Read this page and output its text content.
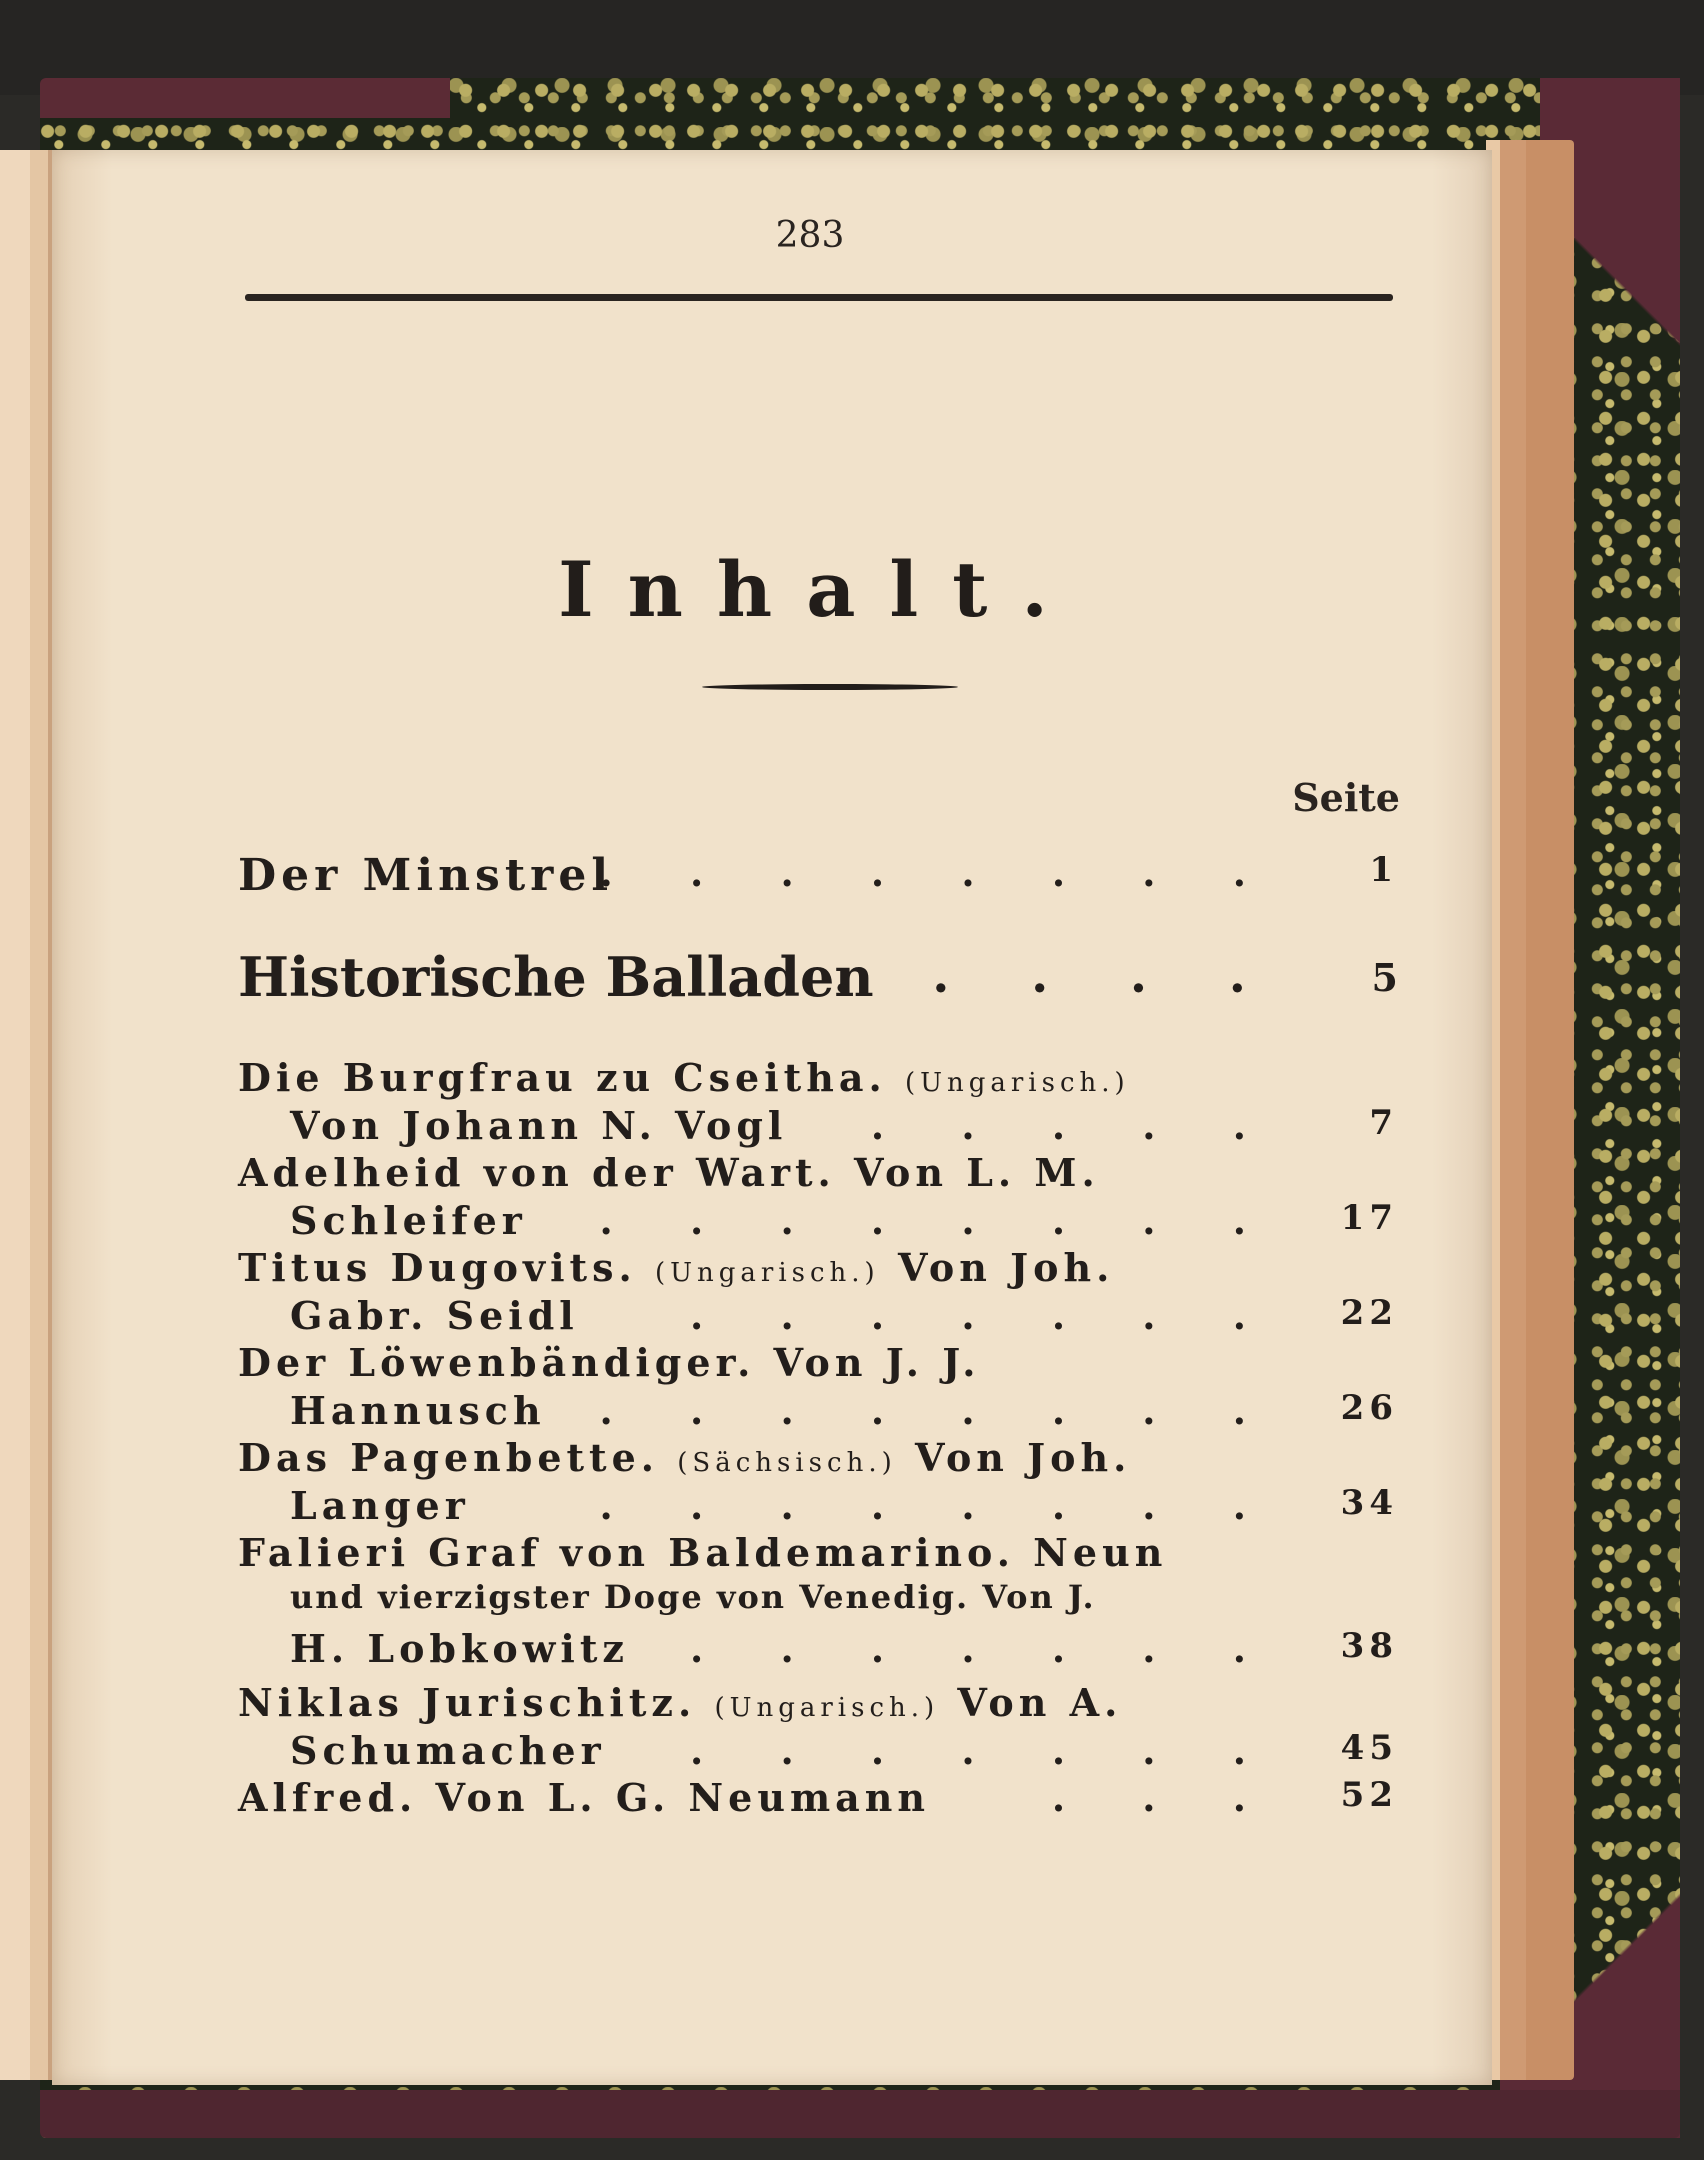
283
Inhalt.
Seite
Der Minstrel
. . . . . . . .	1
Historische Balladen
. . . . . 5
Die Burgfrau zu Cseitha. (Ungarisch.)
Von Johann N. Vogl	. . . . .	7
Adelheid von der Wart. Von L. M.
Schleifer	. . . . . . . . 17
Titus Dugovits. (Ungarisch.) Von Joh.
Gabr. Seidl	. . . . . . . 22
Der Löwenbändiger. Von J. J.
Hannusch	. . . . . . . . 26
Das Pagenbette. (Sächsisch.) Von Joh.
Langer	. . . . . . . . 34
Falieri Graf von Baldemarino. Neun
und vierzigster Doge von Venedig. Von J.
H. Lobkowitz	. . . . . . . 38
Niklas Jurischitz. (Ungarisch.) Von A.
Schumacher	. . . . . . . 45
Alfred. Von L. G. Neumann	. . . 52
